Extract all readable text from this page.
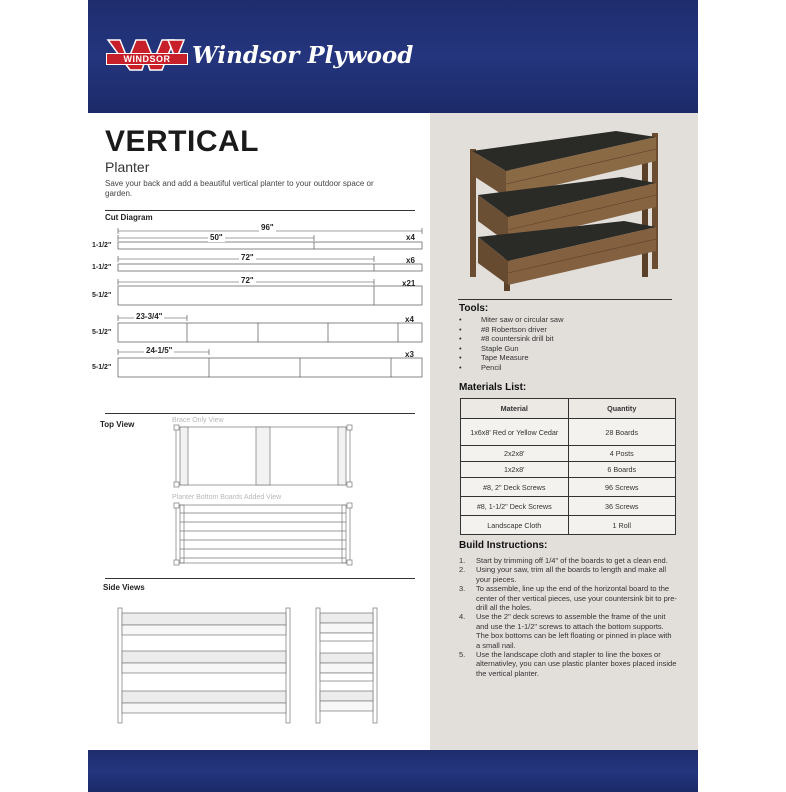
WINDSOR Windsor Plywood
VERTICAL
Planter
Save your back and add a beautiful vertical planter to your outdoor space or garden.
Cut Diagram
96"
50"
1-1/2"
x4
72"
1-1/2"
x6
72"
5-1/2"
x21
23-3/4"
5-1/2"
x4
24-1/5"
5-1/2"
x3
Top View	Brace Only View
Planter Bottom Boards Added View
Side Views
Tools:
•	Miter saw or circular saw
•	#8 Robertson driver
•	#8 countersink drill bit
•	Staple Gun
•	Tape Measure
•	Pencil
Materials List:
Material	Quantity
1x6x8' Red or Yellow Cedar	28 Boards
2x2x8'	4 Posts
1x2x8'	6 Boards
#8, 2" Deck Screws	96 Screws
#8, 1-1/2" Deck Screws	36 Screws
Landscape Cloth	1 Roll
Build Instructions:
1. Start by trimming off 1/4" of the boards to get a clean end.
2. Using your saw, trim all the boards to length and make all your pieces.
3. To assemble, line up the end of the horizontal board to the center of ther vertical pieces, use your countersink bit to pre-drill all the holes.
4. Use the 2" deck screws to assemble the frame of the unit and use the 1-1/2" screws to attach the bottom supports. The box bottoms can be left floating or pinned in place with a small nail.
5. Use the landscape cloth and stapler to line the boxes or alternativley, you can use plastic planter boxes placed inside the vertical planter.
